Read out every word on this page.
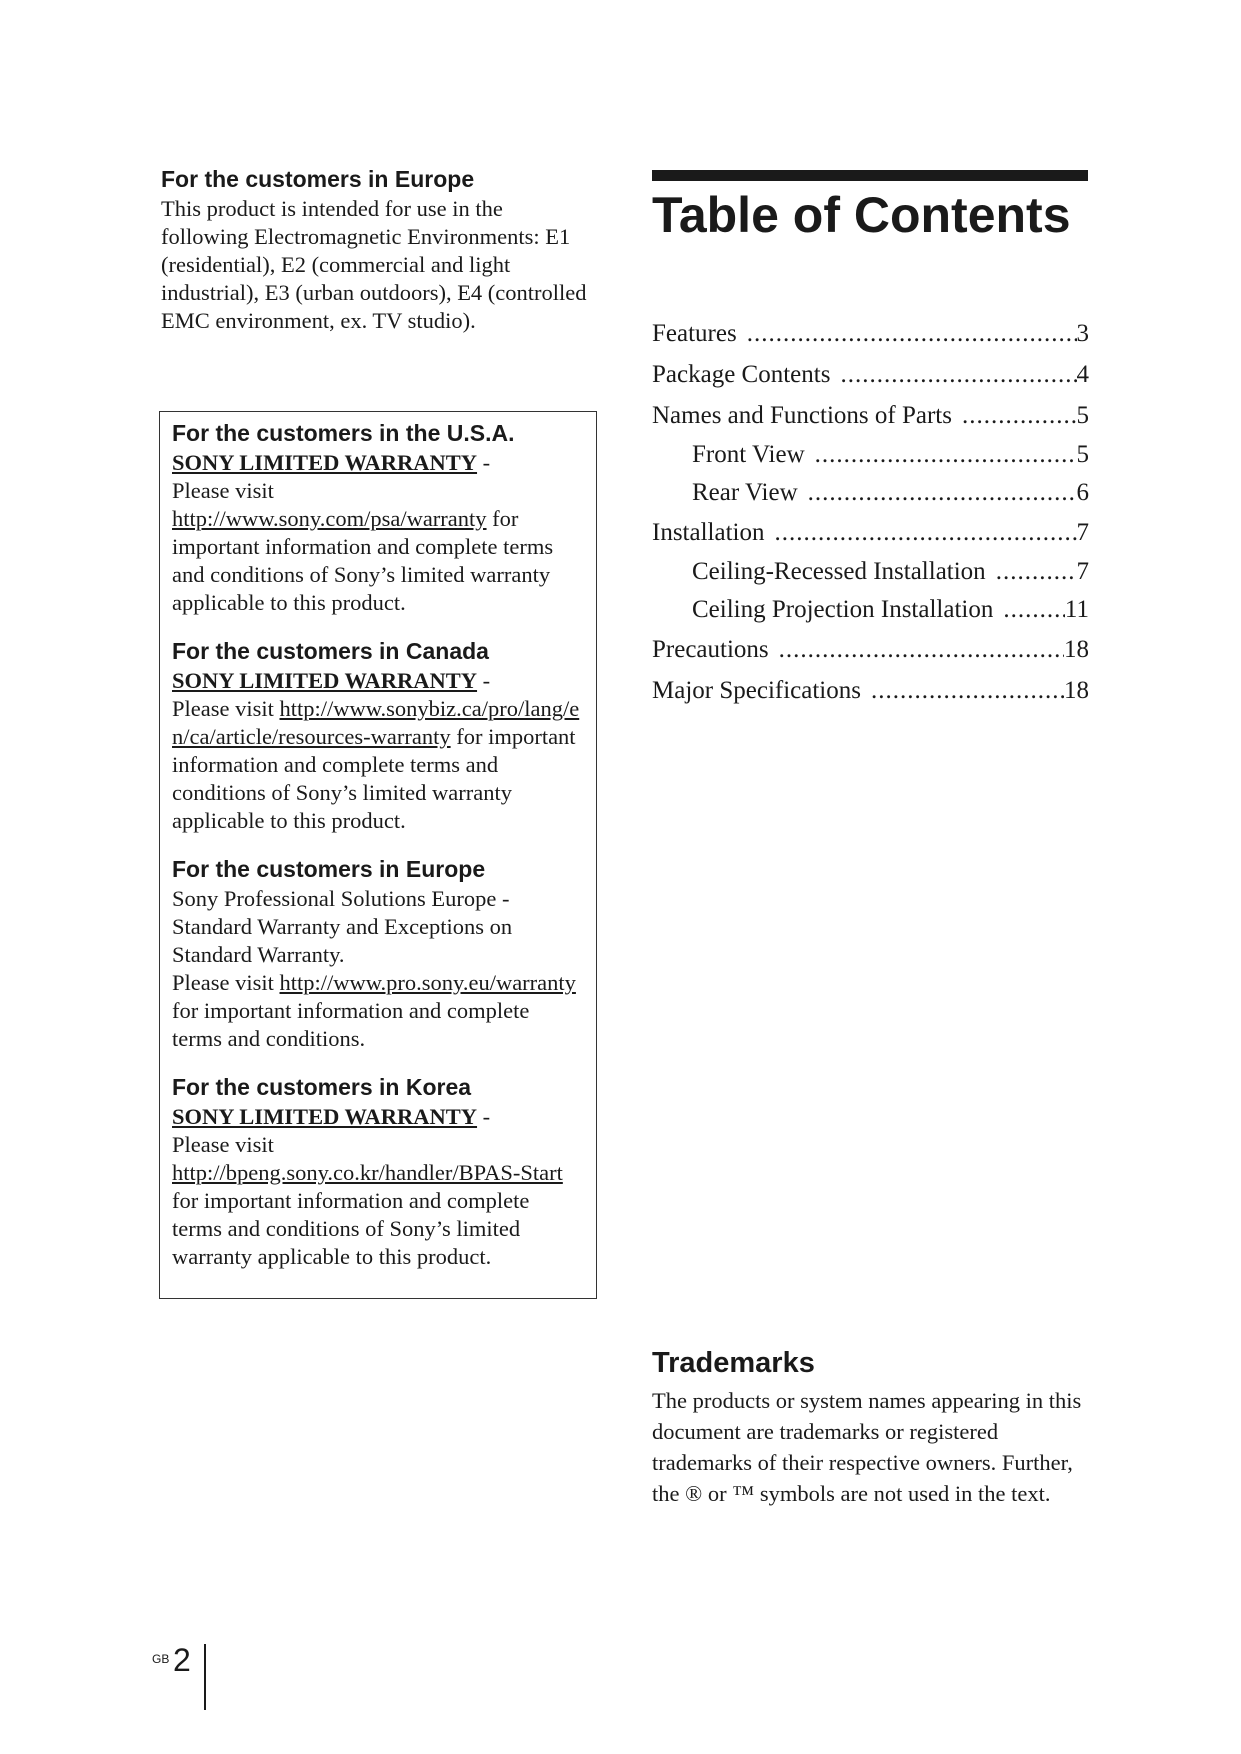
For the customers in Europe

This product is intended for use in the following Electromagnetic Environments: E1 (residential), E2 (commercial and light industrial), E3 (urban outdoors), E4 (controlled EMC environment, ex. TV studio).

For the customers in the U.S.A.

SONY LIMITED WARRANTY -
Please visit http://www.sony.com/psa/warranty for important information and complete terms and conditions of Sony’s limited warranty applicable to this product.

For the customers in Canada

SONY LIMITED WARRANTY -
Please visit http://www.sonybiz.ca/pro/lang/en/ca/article/resources-warranty for important information and complete terms and conditions of Sony’s limited warranty applicable to this product.

For the customers in Europe

Sony Professional Solutions Europe - Standard Warranty and Exceptions on Standard Warranty.
Please visit http://www.pro.sony.eu/warranty for important information and complete terms and conditions.

For the customers in Korea

SONY LIMITED WARRANTY -
Please visit http://bpeng.sony.co.kr/handler/BPAS-Start for important information and complete terms and conditions of Sony’s limited warranty applicable to this product.

Table of Contents
Features .....	3
Package Contents .....	4
Names and Functions of Parts .....	5
Front View .....	5
Rear View .....	6
Installation .....	7
Ceiling-Recessed Installation .....	7
Ceiling Projection Installation .....	11
Precautions .....	18
Major Specifications .....	18
Trademarks

The products or system names appearing in this document are trademarks or registered trademarks of their respective owners. Further, the ® or ™ symbols are not used in the text.

GB 2
